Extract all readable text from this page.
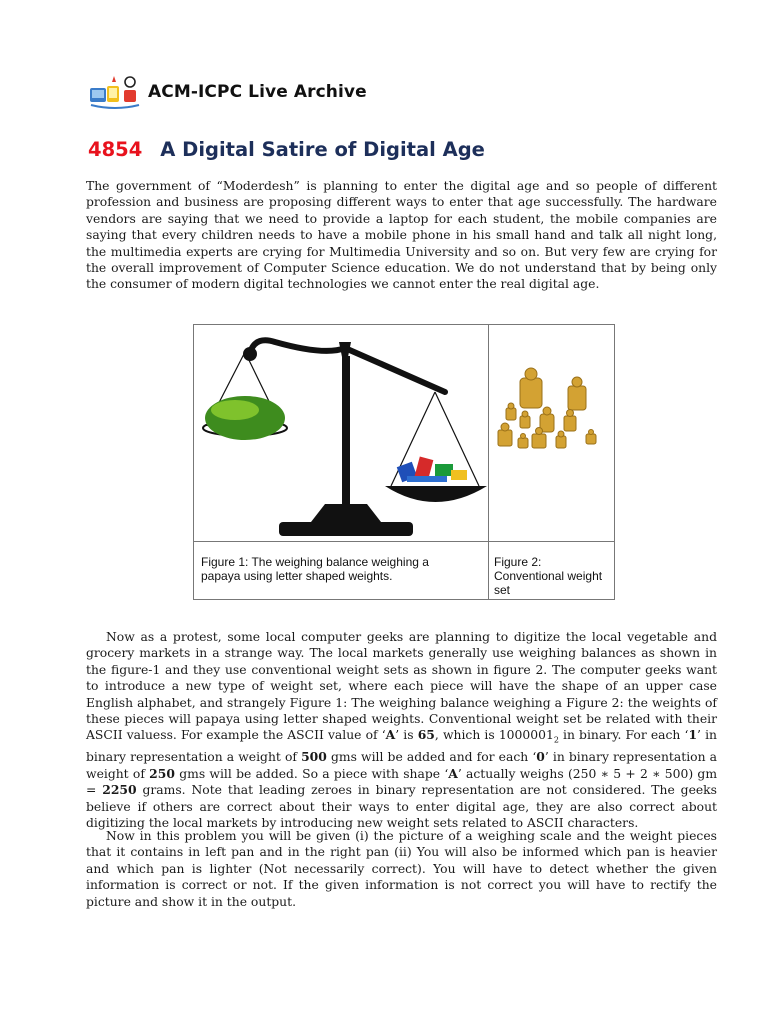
ACM-ICPC Live Archive
4854 A Digital Satire of Digital Age

The government of “Moderdesh” is planning to enter the digital age and so people of different profession and business are proposing different ways to enter that age successfully. The hardware vendors are saying that we need to provide a laptop for each student, the mobile companies are saying that every children needs to have a mobile phone in his small hand and talk all night long, the multimedia experts are crying for Multimedia University and so on. But very few are crying for the overall improvement of Computer Science education. We do not understand that by being only the consumer of modern digital technologies we cannot enter the real digital age.

Figure 1: The weighing balance weighing a papaya using letter shaped weights.
Figure 2: Conventional weight set

Now as a protest, some local computer geeks are planning to digitize the local vegetable and grocery markets in a strange way. The local markets generally use weighing balances as shown in the figure-1 and they use conventional weight sets as shown in figure 2. The computer geeks want to introduce a new type of weight set, where each piece will have the shape of an upper case English alphabet, and strangely Figure 1: The weighing balance weighing a Figure 2: the weights of these pieces will papaya using letter shaped weights. Conventional weight set be related with their ASCII valuess. For example the ASCII value of ‘A’ is 65, which is $1000001_2$ in binary. For each ‘1’ in binary representation a weight of 500 gms will be added and for each ‘0’ in binary representation a weight of 250 gms will be added. So a piece with shape ‘A’ actually weighs (250 ∗ 5 + 2 ∗ 500) gm = 2250 grams. Note that leading zeroes in binary representation are not considered. The geeks believe if others are correct about their ways to enter digital age, they are also correct about digitizing the local markets by introducing new weight sets related to ASCII characters.

Now in this problem you will be given (i) the picture of a weighing scale and the weight pieces that it contains in left pan and in the right pan (ii) You will also be informed which pan is heavier and which pan is lighter (Not necessarily correct). You will have to detect whether the given information is correct or not. If the given information is not correct you will have to rectify the picture and show it in the output.
